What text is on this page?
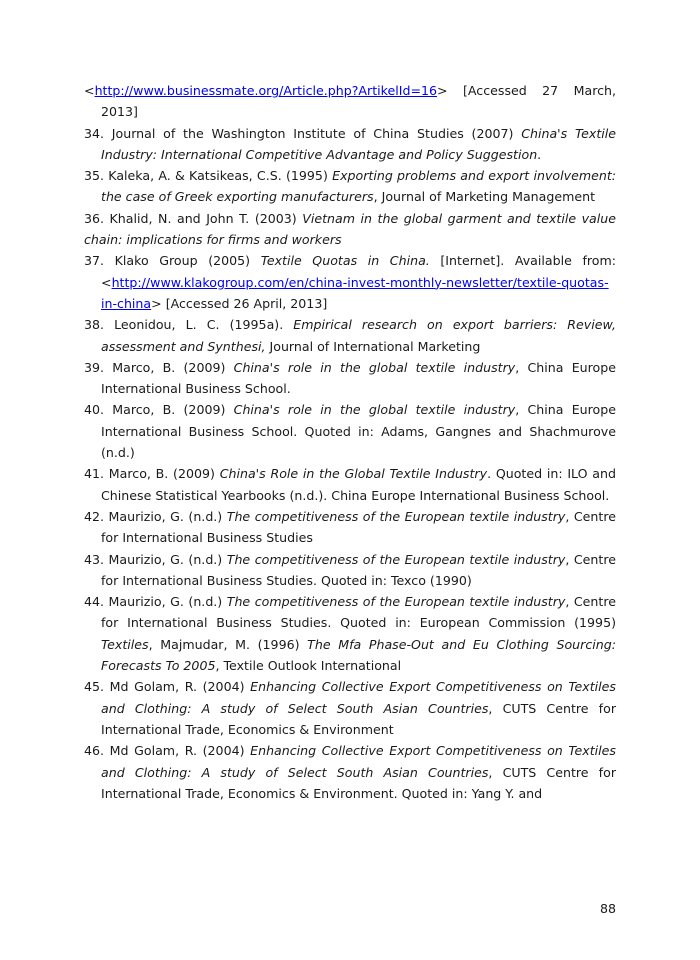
<http://www.businessmate.org/Article.php?ArtikelId=16> [Accessed 27 March, 2013]

34. Journal of the Washington Institute of China Studies (2007) China's Textile Industry: International Competitive Advantage and Policy Suggestion.

35. Kaleka, A. & Katsikeas, C.S. (1995) Exporting problems and export involvement: the case of Greek exporting manufacturers, Journal of Marketing Management

36. Khalid, N. and John T. (2003) Vietnam in the global garment and textile value chain: implications for firms and workers

37. Klako Group (2005) Textile Quotas in China. [Internet]. Available from: <http://www.klakogroup.com/en/china-invest-monthly-newsletter/textile-quotas-in-china> [Accessed 26 April, 2013]

38. Leonidou, L. C. (1995a). Empirical research on export barriers: Review, assessment and Synthesi, Journal of International Marketing

39. Marco, B. (2009) China's role in the global textile industry, China Europe International Business School.

40. Marco, B. (2009) China's role in the global textile industry, China Europe International Business School. Quoted in: Adams, Gangnes and Shachmurove (n.d.)

41. Marco, B. (2009) China's Role in the Global Textile Industry. Quoted in: ILO and Chinese Statistical Yearbooks (n.d.). China Europe International Business School.

42. Maurizio, G. (n.d.) The competitiveness of the European textile industry, Centre for International Business Studies

43. Maurizio, G. (n.d.) The competitiveness of the European textile industry, Centre for International Business Studies. Quoted in: Texco (1990)

44. Maurizio, G. (n.d.) The competitiveness of the European textile industry, Centre for International Business Studies. Quoted in: European Commission (1995) Textiles, Majmudar, M. (1996) The Mfa Phase-Out and Eu Clothing Sourcing: Forecasts To 2005, Textile Outlook International

45. Md Golam, R. (2004) Enhancing Collective Export Competitiveness on Textiles and Clothing: A study of Select South Asian Countries, CUTS Centre for International Trade, Economics & Environment

46. Md Golam, R. (2004) Enhancing Collective Export Competitiveness on Textiles and Clothing: A study of Select South Asian Countries, CUTS Centre for International Trade, Economics & Environment. Quoted in: Yang Y. and

88
